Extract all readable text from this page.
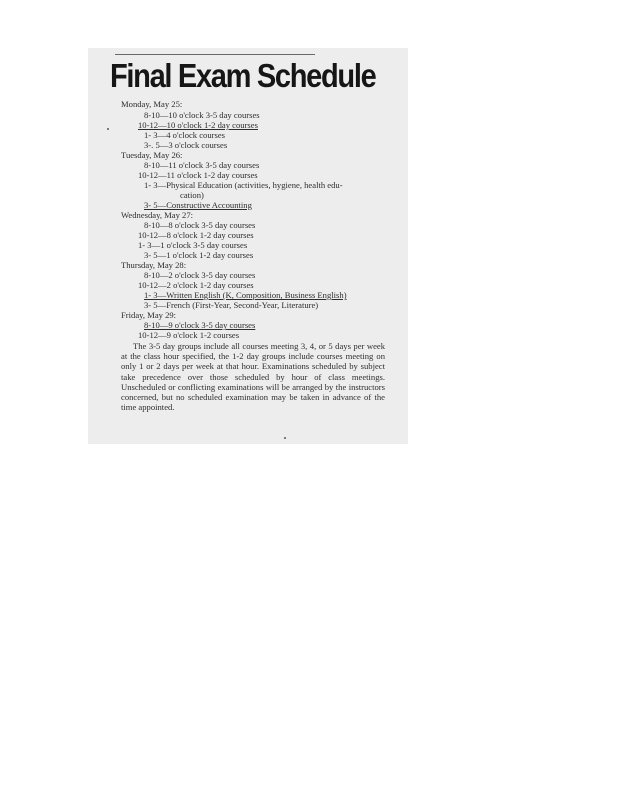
Final Exam Schedule
Monday, May 25:
8-10—10 o'clock 3-5 day courses
10-12—10 o'clock 1-2 day courses
1- 3—4 o'clock courses
3-. 5—3 o'clock courses
Tuesday, May 26:
8-10—11 o'clock 3-5 day courses
10-12—11 o'clock 1-2 day courses
1- 3—Physical Education (activities, hygiene, health edu-
cation)
3- 5—Constructive Accounting
Wednesday, May 27:
8-10—8 o'clock 3-5 day courses
10-12—8 o'clock 1-2 day courses
1- 3—1 o'clock 3-5 day courses
3- 5—1 o'clock 1-2 day courses
Thursday, May 28:
8-10—2 o'clock 3-5 day courses
10-12—2 o'clock 1-2 day courses
1- 3—Written English (K, Composition, Business English)
3- 5—French (First-Year, Second-Year, Literature)
Friday, May 29:
8-10—9 o'clock 3-5 day courses
10-12—9 o'clock 1-2 courses
The 3-5 day groups include all courses meeting 3, 4, or 5 days per week at the class hour specified, the 1-2 day groups include courses meeting on only 1 or 2 days per week at that hour. Examinations scheduled by subject take precedence over those scheduled by hour of class meetings. Unscheduled or conflicting examinations will be arranged by the instructors concerned, but no scheduled examination may be taken in advance of the time appointed.
